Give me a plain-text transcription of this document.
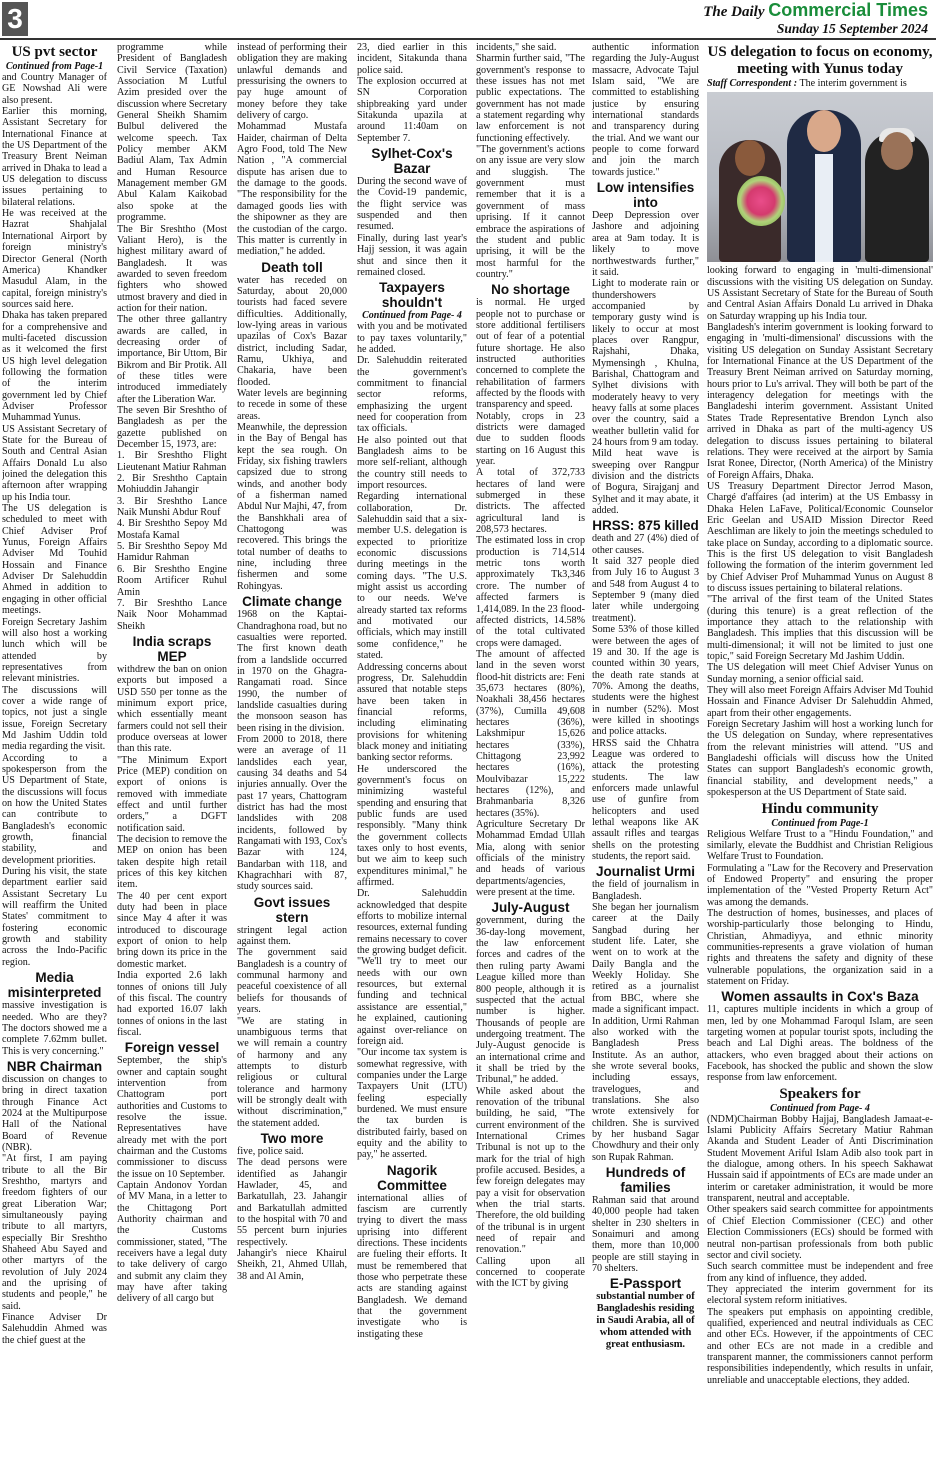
3	The Daily Commercial Times
Sunday 15 September 2024
US pvt sector

Continued from Page-1

and Country Manager of GE Nowshad Ali were also present.

Earlier this morning, Assistant Secretary for International Finance at the US Department of the Treasury Brent Neiman arrived in Dhaka to lead a US delegation to discuss issues pertaining to bilateral relations.

He was received at the Hazrat Shahjalal International Airport by foreign ministry's Director General (North America) Khandker Masudul Alam, in the capital, foreign ministry's sources said here.

Dhaka has taken prepared for a comprehensive and multi-faceted discussion as it welcomed the first US high level delegation following the formation of the interim government led by Chief Adviser Professor Muhammad Yunus.

US Assistant Secretary of State for the Bureau of South and Central Asian Affairs Donald Lu also joined the delegation this afternoon after wrapping up his India tour.

The US delegation is scheduled to meet with Chief Adviser Prof Yunus, Foreign Affairs Adviser Md Touhid Hossain and Finance Adviser Dr Salehuddin Ahmed in addition to engaging in other official meetings.

Foreign Secretary Jashim will also host a working lunch which will be attended by representatives from relevant ministries.

The discussions will cover a wide range of topics, not just a single issue, Foreign Secretary Md Jashim Uddin told media regarding the visit.

According to a spokesperson from the US Department of State, the discussions will focus on how the United States can contribute to Bangladesh's economic growth, financial stability, and development priorities.

During his visit, the state department earlier said Assistant Secretary Lu will reaffirm the United States' commitment to fostering economic growth and stability across the Indo-Pacific region.

Media misinterpreted

massive investigation is needed. Who are they? The doctors showed me a complete 7.62mm bullet. This is very concerning."

NBR Chairman

discussion on changes to bring in direct taxation through Finance Act 2024 at the Multipurpose Hall of the National Board of Revenue (NBR).

"At first, I am paying tribute to all the Bir Sreshtho, martyrs and freedom fighters of our great Liberation War; simultaneously paying tribute to all martyrs, especially Bir Sreshtho Shaheed Abu Sayed and other martyrs of the revolution of July 2024 and the uprising of students and people," he said.

Finance Adviser Dr Salehuddin Ahmed was the chief guest at the

programme while President of Bangladesh Civil Service (Taxation) Association M Lutful Azim presided over the discussion where Secretary General Sheikh Shamim Bulbul delivered the welcome speech. Tax Policy member AKM Badiul Alam, Tax Admin and Human Resource Management member GM Abul Kalam Kaikobad also spoke at the programme.

The Bir Sreshtho (Most Valiant Hero), is the highest military award of Bangladesh. It was awarded to seven freedom fighters who showed utmost bravery and died in action for their nation.

The other three gallantry awards are called, in decreasing order of importance, Bir Uttom, Bir Bikrom and Bir Protik. All of these titles were introduced immediately after the Liberation War.

The seven Bir Sreshtho of Bangladesh as per the gazette published on December 15, 1973, are:

1. Bir Sreshtho Flight Lieutenant Matiur Rahman

2. Bir Sreshtho Captain Mohiuddin Jahangir

3. Bir Sreshtho Lance Naik Munshi Abdur Rouf

4. Bir Sreshtho Sepoy Md Mostafa Kamal

5. Bir Sreshtho Sepoy Md Hamidur Rahman

6. Bir Sreshtho Engine Room Artificer Ruhul Amin

7. Bir Sreshtho Lance Naik Noor Mohammad Sheikh

India scraps MEP

withdrew the ban on onion exports but imposed a USD 550 per tonne as the minimum export price, which essentially meant farmers could not sell their produce overseas at lower than this rate.

"The Minimum Export Price (MEP) condition on export of onions is removed with immediate effect and until further orders," a DGFT notification said.

The decision to remove the MEP on onion has been taken despite high retail prices of this key kitchen item.

The 40 per cent export duty had been in place since May 4 after it was introduced to discourage export of onion to help bring down its price in the domestic market.

India exported 2.6 lakh tonnes of onions till July of this fiscal. The country had exported 16.07 lakh tonnes of onions in the last fiscal.

Foreign vessel

September, the ship's owner and captain sought intervention from Chattogram port authorities and Customs to resolve the issue. Representatives have already met with the port chairman and the Customs commissioner to discuss the issue on 10 September.

Captain Andonov Yordan of MV Mana, in a letter to the Chittagong Port Authority chairman and the Customs commissioner, stated, "The receivers have a legal duty to take delivery of cargo and submit any claim they may have after taking delivery of all cargo but

instead of performing their obligation they are making unlawful demands and pressurising the owners to pay huge amount of money before they take delivery of cargo.

Mohammad Mustafa Haider, chairman of Delta Agro Food, told The New Nation , "A commercial dispute has arisen due to the damage to the goods. "The responsibility for the damaged goods lies with the shipowner as they are the custodian of the cargo. This matter is currently in mediation," he added.

Death toll

water has receded on Saturday, about 20,000 tourists had faced severe difficulties. Additionally, low-lying areas in various upazilas of Cox's Bazar district, including Sadar, Ramu, Ukhiya, and Chakaria, have been flooded.

Water levels are beginning to recede in some of these areas.

Meanwhile, the depression in the Bay of Bengal has kept the sea rough. On Friday, six fishing trawlers capsized due to strong winds, and another body of a fisherman named Abdul Nur Majhi, 47, from the Banshkhali area of Chattogong was recovered. This brings the total number of deaths to nine, including three fishermen and some Rohingyas.

Climate change

1968 on the Kaptai-Chandraghona road, but no casualties were reported. The first known death from a landslide occurred in 1970 on the Ghagra-Rangamati road. Since 1990, the number of landslide casualties during the monsoon season has been rising in the division.

From 2000 to 2018, there were an average of 11 landslides each year, causing 34 deaths and 54 injuries annually. Over the past 17 years, Chattogram district has had the most landslides with 208 incidents, followed by Rangamati with 193, Cox's Bazar with 124, Bandarban with 118, and Khagrachhari with 87, study sources said.

Govt issues stern

stringent legal action against them.

The government said Bangladesh is a country of communal harmony and peaceful coexistence of all beliefs for thousands of years.

"We are stating in unambiguous terms that we will remain a country of harmony and any attempts to disturb religious or cultural tolerance and harmony will be strongly dealt with without discrimination," the statement added.

Two more

five, police said.

The dead persons were identified as Jahangir Hawlader, 45, and Barkatullah, 23. Jahangir and Barkatullah admitted to the hospital with 70 and 55 percent burn injuries respectively.

Jahangir's niece Khairul Sheikh, 21, Ahmed Ullah, 38 and Al Amin,

23, died earlier in this incident, Sitakunda thana police said.

The explosion occurred at SN Corporation shipbreaking yard under Sitakunda upazila at around 11:40am on September 7.

Sylhet-Cox's Bazar

During the second wave of the Covid-19 pandemic, the flight service was suspended and then resumed.

Finally, during last year's Hajj session, it was again shut and since then it remained closed.

Taxpayers shouldn't

Continued from Page- 4

with you and be motivated to pay taxes voluntarily," he added.

Dr. Salehuddin reiterated the government's commitment to financial sector reforms, emphasizing the urgent need for cooperation from tax officials.

He also pointed out that Bangladesh aims to be more self-reliant, although the country still needs to import resources.

Regarding international collaboration, Dr. Salehuddin said that a six-member U.S. delegation is expected to prioritize economic discussions during meetings in the coming days. "The U.S. might assist us according to our needs. We've already started tax reforms and motivated our officials, which may instill some confidence," he stated.

Addressing concerns about progress, Dr. Salehuddin assured that notable steps have been taken in financial reforms, including eliminating provisions for whitening black money and initiating banking sector reforms.

He underscored the government's focus on minimizing wasteful spending and ensuring that public funds are used responsibly. "Many think the government collects taxes only to host events, but we aim to keep such expenditures minimal," he affirmed.

Dr. Salehuddin acknowledged that despite efforts to mobilize internal resources, external funding remains necessary to cover the growing budget deficit. "We'll try to meet our needs with our own resources, but external funding and technical assistance are essential," he explained, cautioning against over-reliance on foreign aid.

"Our income tax system is somewhat regressive, with companies under the Large Taxpayers Unit (LTU) feeling especially burdened. We must ensure the tax burden is distributed fairly, based on equity and the ability to pay," he asserted.

Nagorik Committee

international allies of fascism are currently trying to divert the mass uprising into different directions. These incidents are fueling their efforts. It must be remembered that those who perpetrate these acts are standing against Bangladesh. We demand that the government investigate who is instigating these

incidents," she said.

Sharmin further said, "The government's response to these issues has not met public expectations. The government has not made a statement regarding why law enforcement is not functioning effectively.

"The government's actions on any issue are very slow and sluggish. The government must remember that it is a government of mass uprising. If it cannot embrace the aspirations of the student and public uprising, it will be the most harmful for the country."

No shortage

is normal. He urged people not to purchase or store additional fertilisers out of fear of a potential future shortage. He also instructed authorities concerned to complete the rehabilitation of farmers affected by the floods with transparency and speed.

Notably, crops in 23 districts were damaged due to sudden floods starting on 16 August this year.

A total of 372,733 hectares of land were submerged in these districts. The affected agricultural land is 208,573 hectares.

The estimated loss in crop production is 714,514 metric tons worth approximately Tk3,346 crore. The number of affected farmers is 1,414,089. In the 23 flood-affected districts, 14.58% of the total cultivated crops were damaged.

The amount of affected land in the seven worst flood-hit districts are: Feni 35,673 hectares (80%), Noakhali 38,456 hectares (37%), Cumilla 49,608 hectares (36%), Lakshmipur 15,626 hectares (33%), Chittagong 23,992 hectares (16%), Moulvibazar 15,222 hectares (12%), and Brahmanbaria 8,326 hectares (35%).

Agriculture Secretary Dr Mohammad Emdad Ullah Mia, along with senior officials of the ministry and heads of various departments/agencies, were present at the time.

July-August

government, during the 36-day-long movement, the law enforcement forces and cadres of the then ruling party Awami League killed more than 800 people, although it is suspected that the actual number is higher. Thousands of people are undergoing treatment. The July-August genocide is an international crime and it shall be tried by the Tribunal," he added.

While asked about the renovation of the tribunal building, he said, "The current environment of the International Crimes Tribunal is not up to the mark for the trial of high profile accused. Besides, a few foreign delegates may pay a visit for observation when the trial starts. Therefore, the old building of the tribunal is in urgent need of repair and renovation."

Calling upon all concerned to cooperate with the ICT by giving

authentic information regarding the July-August massacre, Advocate Tajul Islam said, "We are committed to establishing justice by ensuring international standards and transparency during the trial. And we want our people to come forward and join the march towards justice."

Low intensifies into

Deep Depression over Jashore and adjoining area at 9am today. It is likely to move northwestwards further," it said.

Light to moderate rain or thundershowers accompanied by temporary gusty wind is likely to occur at most places over Rangpur, Rajshahi, Dhaka, Mymensingh , Khulna, Barishal, Chattogram and Sylhet divisions with moderately heavy to very heavy falls at some places over the country, said a weather bulletin valid for 24 hours from 9 am today.

Mild heat wave is sweeping over Rangpur division and the districts of Bogura, Sirajganj and Sylhet and it may abate, it added.

HRSS: 875 killed

death and 27 (4%) died of other causes.

It said 327 people died from July 16 to August 3 and 548 from August 4 to September 9 (many died later while undergoing treatment).

Some 53% of those killed were between the ages of 19 and 30. If the age is counted within 30 years, the death rate stands at 70%. Among the deaths, students were the highest in number (52%). Most were killed in shootings and police attacks.

HRSS said the Chhatra League was ordered to attack the protesting students. The law enforcers made unlawful use of gunfire from helicopters and used lethal weapons like AK assault rifles and teargas shells on the protesting students, the report said.

Journalist Urmi

the field of journalism in Bangladesh.

She began her journalism career at the Daily Sangbad during her student life. Later, she went on to work at the Daily Bangla and the Weekly Holiday. She retired as a journalist from BBC, where she made a significant impact. In addition, Urmi Rahman also worked with the Bangladesh Press Institute. As an author, she wrote several books, including essays, travelogues, and translations. She also wrote extensively for children. She is survived by her husband Sagar Chowdhury and their only son Rupak Rahman.

Hundreds of families

Rahman said that around 40,000 people had taken shelter in 230 shelters in Sonaimuri and among them, more than 10,000 people are still staying in 70 shelters.

E-Passport

substantial number of Bangladeshis residing in Saudi Arabia, all of whom attended with great enthusiasm.

US delegation to focus on economy, meeting with Yunus today

Staff Correspondent : The interim government is

looking forward to engaging in 'multi-dimensional' discussions with the visiting US delegation on Sunday. US Assistant Secretary of State for the Bureau of South and Central Asian Affairs Donald Lu arrived in Dhaka on Saturday wrapping up his India tour.

Bangladesh's interim government is looking forward to engaging in 'multi-dimensional' discussions with the visiting US delegation on Sunday Assistant Secretary for International Finance at the US Department of the Treasury Brent Neiman arrived on Saturday morning, hours prior to Lu's arrival. They will both be part of the interagency delegation for meetings with the Bangladeshi interim government. Assistant United States Trade Representative Brendon Lynch also arrived in Dhaka as part of the multi-agency US delegation to discuss issues pertaining to bilateral relations. They were received at the airport by Samia Israt Ronee, Director, (North America) of the Ministry of Foreign Affairs, Dhaka.

US Treasury Department Director Jerrod Mason, Chargé d'affaires (ad interim) at the US Embassy in Dhaka Helen LaFave, Political/Economic Counselor Eric Geelan and USAID Mission Director Reed Aeschliman are likely to join the meetings scheduled to take place on Sunday, according to a diplomatic source. This is the first US delegation to visit Bangladesh following the formation of the interim government led by Chief Adviser Prof Muhammad Yunus on August 8 to discuss issues pertaining to bilateral relations.

"The arrival of the first team of the United States (during this tenure) is a great reflection of the importance they attach to the relationship with Bangladesh. This implies that this discussion will be multi-dimensional; it will not be limited to just one topic," said Foreign Secretary Md Jashim Uddin.

The US delegation will meet Chief Adviser Yunus on Sunday morning, a senior official said.

They will also meet Foreign Affairs Adviser Md Touhid Hossain and Finance Adviser Dr Salehuddin Ahmed, apart from their other engagements.

Foreign Secretary Jashim will host a working lunch for the US delegation on Sunday, where representatives from the relevant ministries will attend. "US and Bangladeshi officials will discuss how the United States can support Bangladesh's economic growth, financial stability, and development needs," a spokesperson at the US Department of State said.

Hindu community

Continued from Page-1

Religious Welfare Trust to a "Hindu Foundation," and similarly, elevate the Buddhist and Christian Religious Welfare Trust to Foundation.

Formulating a "Law for the Recovery and Preservation of Endowed Property" and ensuring the proper implementation of the "Vested Property Return Act" was among the demands.

The destruction of homes, businesses, and places of worship-particularly those belonging to Hindu, Christian, Ahmadiyya, and ethnic minority communities-represents a grave violation of human rights and threatens the safety and dignity of these vulnerable populations, the organization said in a statement on Friday.

Women assaults in Cox's Baza

11, captures multiple incidents in which a group of men, led by one Mohammad Faroqul Islam, are seen targeting women at popular tourist spots, including the beach and Lal Dighi areas. The boldness of the attackers, who even bragged about their actions on Facebook, has shocked the public and shown the slow response from law enforcement.

Speakers for

Continued from Page- 4

(NDM)Chairman Bobby Hajjaj, Bangladesh Jamaat-e-Islami Publicity Affairs Secretary Matiur Rahman Akanda and Student Leader of Anti Discrimination Student Movement Ariful Islam Adib also took part in the dialogue, among others. In his speech Sakhawat Hussain said if appointments of ECs are made under an interim or caretaker administration, it would be more transparent, neutral and acceptable.

Other speakers said search committee for appointments of Chief Election Commissioner (CEC) and other Election Commissioners (ECs) should be formed with neutral non-partisan professionals from both public sector and civil society.

Such search committee must be independent and free from any kind of influence, they added.

They appreciated the interim government for its electoral system reform initiatives.

The speakers put emphasis on appointing credible, qualified, experienced and neutral individuals as CEC and other ECs. However, if the appointments of CEC and other ECs are not made in a credible and transparent manner, the commissioners cannot perform responsibilities independently, which results in unfair, unreliable and unacceptable elections, they added.
